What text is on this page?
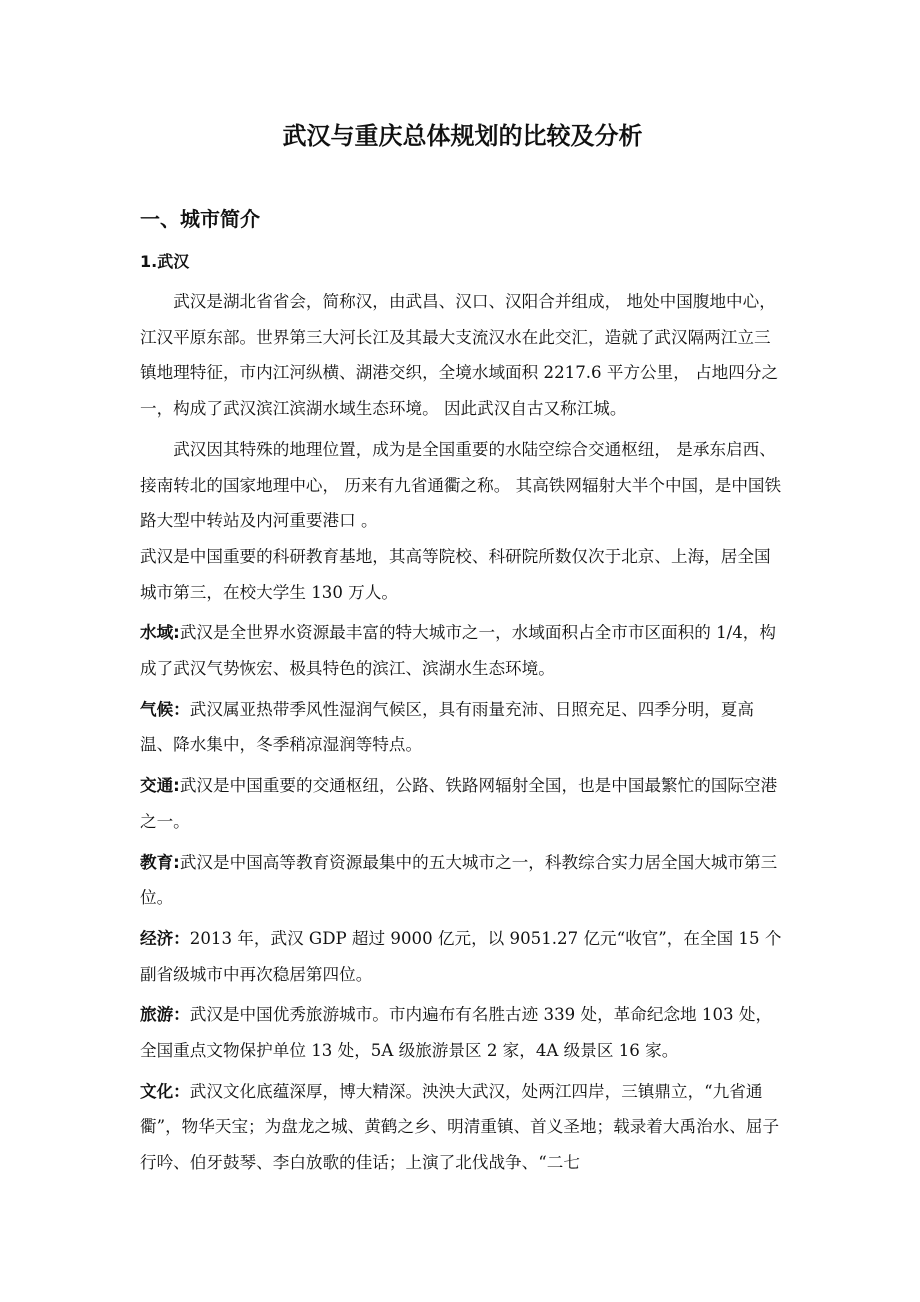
武汉与重庆总体规划的比较及分析
一、城市简介
1.武汉

武汉是湖北省省会，简称汉，由武昌、汉口、汉阳合并组成， 地处中国腹地中心，江汉平原东部。世界第三大河长江及其最大支流汉水在此交汇，造就了武汉隔两江立三镇地理特征，市内江河纵横、湖港交织，全境水域面积 2217.6 平方公里， 占地四分之一，构成了武汉滨江滨湖水域生态环境。 因此武汉自古又称江城。

武汉因其特殊的地理位置，成为是全国重要的水陆空综合交通枢纽， 是承东启西、接南转北的国家地理中心， 历来有九省通衢之称。 其高铁网辐射大半个中国，是中国铁路大型中转站及内河重要港口 。

武汉是中国重要的科研教育基地，其高等院校、科研院所数仅次于北京、上海，居全国城市第三，在校大学生 130 万人。

水域:武汉是全世界水资源最丰富的特大城市之一，水域面积占全市市区面积的 1/4，构成了武汉气势恢宏、极具特色的滨江、滨湖水生态环境。

气候：武汉属亚热带季风性湿润气候区，具有雨量充沛、日照充足、四季分明，夏高温、降水集中，冬季稍凉湿润等特点。

交通:武汉是中国重要的交通枢纽，公路、铁路网辐射全国，也是中国最繁忙的国际空港之一。

教育:武汉是中国高等教育资源最集中的五大城市之一，科教综合实力居全国大城市第三位。

经济：2013 年，武汉 GDP 超过 9000 亿元，以 9051.27 亿元“收官”，在全国 15 个副省级城市中再次稳居第四位。

旅游：武汉是中国优秀旅游城市。市内遍布有名胜古迹 339 处，革命纪念地 103 处，全国重点文物保护单位 13 处，5A 级旅游景区 2 家，4A 级景区 16 家。

文化：武汉文化底蕴深厚，博大精深。泱泱大武汉，处两江四岸，三镇鼎立，“九省通衢”，物华天宝；为盘龙之城、黄鹤之乡、明清重镇、首义圣地；载录着大禹治水、屈子行吟、伯牙鼓琴、李白放歌的佳话；上演了北伐战争、“二七
